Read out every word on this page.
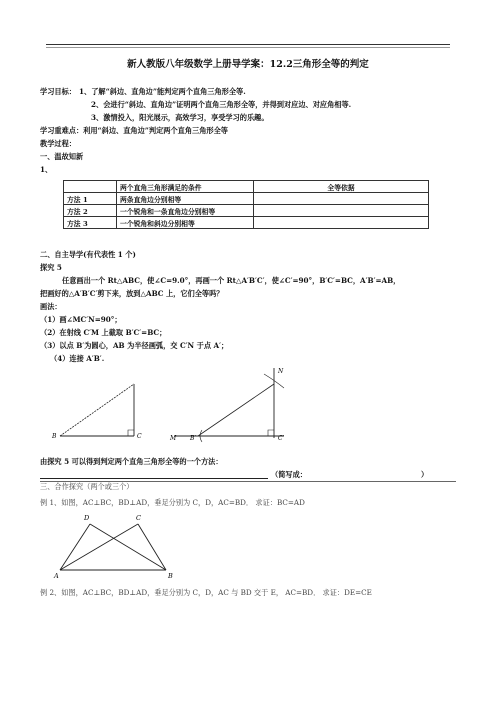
新人教版八年级数学上册导学案：12.2三角形全等的判定
学习目标： 1、了解“斜边、直角边”能判定两个直角三角形全等.
2、会进行“斜边、直角边”证明两个直角三角形全等，并得到对应边、对应角相等.
3、激情投入，阳光展示，高效学习，享受学习的乐趣。
学习重难点：利用“斜边、直角边”判定两个直角三角形全等
教学过程：
一、温故知新
1、
	两个直角三角形满足的条件	全等依据
方法 1	两条直角边分别相等	
方法 2	一个锐角和一条直角边分别相等	
方法 3	一个锐角和斜边分别相等	
二、自主导学(有代表性 1 个)
探究 5
任意画出一个 Rt△ABC，使∠C=9.0°，再画一个 Rt△A′B′C′，使∠C′=90°，B′C′=BC，A′B′=AB，
把画好的△A′B′C′剪下来，放到△ABC 上，它们全等吗？
画法：
（1）画∠MC′N=90°；
（2）在射线 C′M 上截取 B′C′=BC；
（3）以点 B′为圆心，AB 为半径画弧，交 C′N 于点 A′；
（4）连接 A′B′.
B	C
N
M B′	C′
由探究 5 可以得到判定两个直角三角形全等的一个方法：
（简写成：	）
三、合作探究（两个或三个）
例 1、如图，AC⊥BC，BD⊥AD，垂足分别为 C，D，AC=BD． 求证：BC=AD
A	B
C
D
例 2、如图，AC⊥BC，BD⊥AD，垂足分别为 C，D，AC 与 BD 交于 E， AC=BD． 求证：DE=CE
